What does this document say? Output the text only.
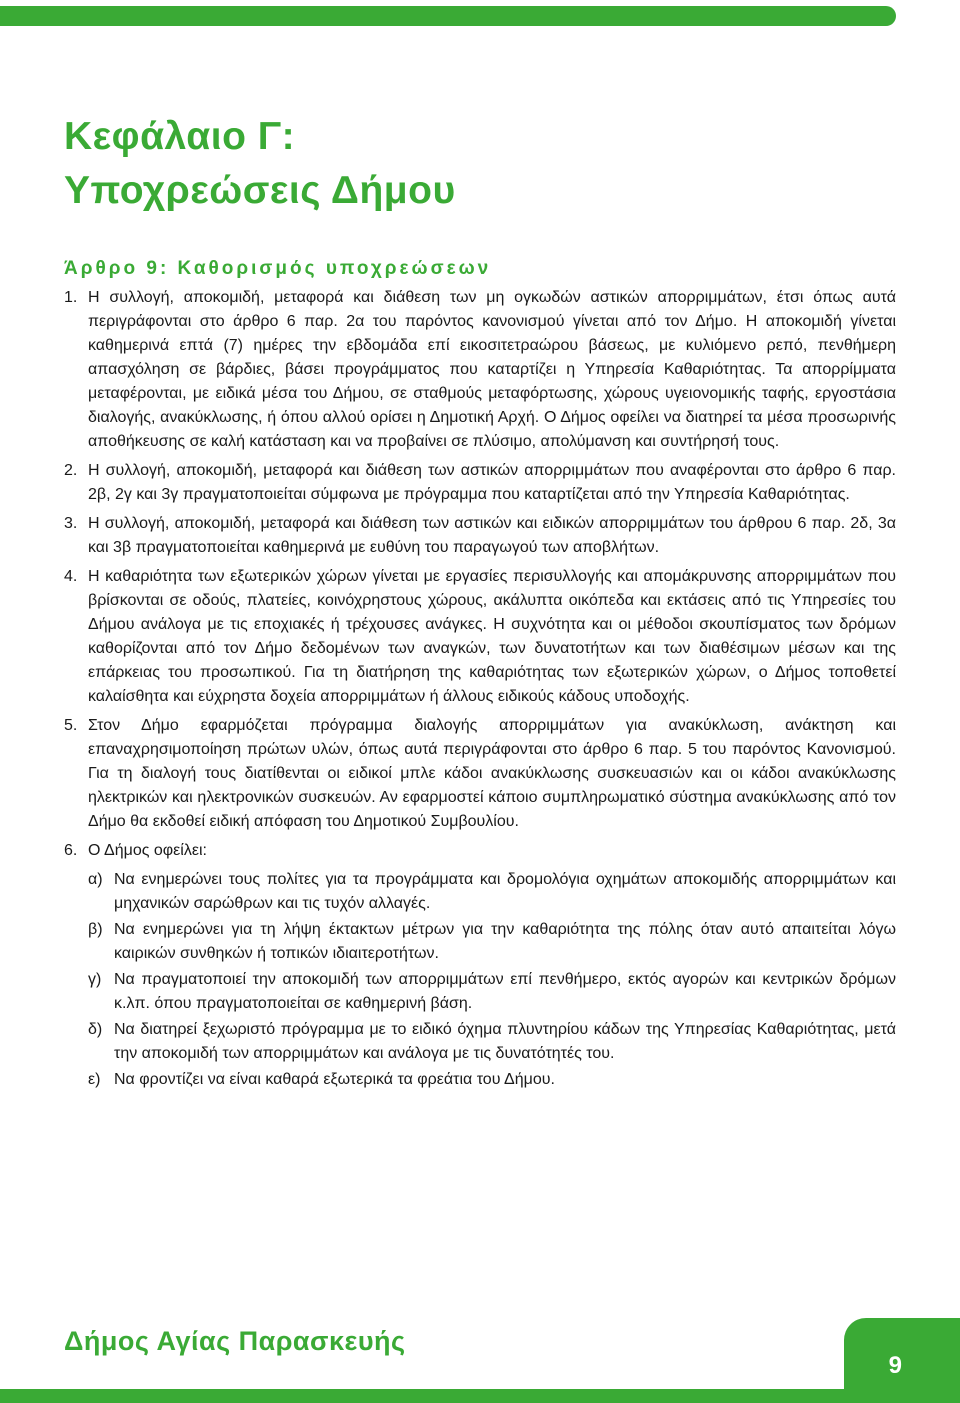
Κεφάλαιο Γ:
Υποχρεώσεις Δήμου
Άρθρο 9: Καθορισμός υποχρεώσεων
1. Η συλλογή, αποκομιδή, μεταφορά και διάθεση των μη ογκωδών αστικών απορριμμάτων, έτσι όπως αυτά περιγράφονται στο άρθρο 6 παρ. 2α του παρόντος κανονισμού γίνεται από τον Δήμο. Η αποκομιδή γίνεται καθημερινά επτά (7) ημέρες την εβδομάδα επί εικοσιτετραώρου βάσεως, με κυλιόμενο ρεπό, πενθήμερη απασχόληση σε βάρδιες, βάσει προγράμματος που καταρτίζει η Υπηρεσία Καθαριότητας. Τα απορρίμματα μεταφέρονται, με ειδικά μέσα του Δήμου, σε σταθμούς μεταφόρτωσης, χώρους υγειονομικής ταφής, εργοστάσια διαλογής, ανακύκλωσης, ή όπου αλλού ορίσει η Δημοτική Αρχή. Ο Δήμος οφείλει να διατηρεί τα μέσα προσωρινής αποθήκευσης σε καλή κατάσταση και να προβαίνει σε πλύσιμο, απολύμανση και συντήρησή τους.
2. Η συλλογή, αποκομιδή, μεταφορά και διάθεση των αστικών απορριμμάτων που αναφέρονται στο άρθρο 6 παρ. 2β, 2γ και 3γ πραγματοποιείται σύμφωνα με πρόγραμμα που καταρτίζεται από την Υπηρεσία Καθαριότητας.
3. Η συλλογή, αποκομιδή, μεταφορά και διάθεση των αστικών και ειδικών απορριμμάτων του άρθρου 6 παρ. 2δ, 3α και 3β πραγματοποιείται καθημερινά με ευθύνη του παραγωγού των αποβλήτων.
4. Η καθαριότητα των εξωτερικών χώρων γίνεται με εργασίες περισυλλογής και απομάκρυνσης απορριμμάτων που βρίσκονται σε οδούς, πλατείες, κοινόχρηστους χώρους, ακάλυπτα οικόπεδα και εκτάσεις από τις Υπηρεσίες του Δήμου ανάλογα με τις εποχιακές ή τρέχουσες ανάγκες. Η συχνότητα και οι μέθοδοι σκουπίσματος των δρόμων καθορίζονται από τον Δήμο δεδομένων των αναγκών, των δυνατοτήτων και των διαθέσιμων μέσων και της επάρκειας του προσωπικού. Για τη διατήρηση της καθαριότητας των εξωτερικών χώρων, ο Δήμος τοποθετεί καλαίσθητα και εύχρηστα δοχεία απορριμμάτων ή άλλους ειδικούς κάδους υποδοχής.
5. Στον Δήμο εφαρμόζεται πρόγραμμα διαλογής απορριμμάτων για ανακύκλωση, ανάκτηση και επαναχρησιμοποίηση πρώτων υλών, όπως αυτά περιγράφονται στο άρθρο 6 παρ. 5 του παρόντος Κανονισμού. Για τη διαλογή τους διατίθενται οι ειδικοί μπλε κάδοι ανακύκλωσης συσκευασιών και οι κάδοι ανακύκλωσης ηλεκτρικών και ηλεκτρονικών συσκευών. Αν εφαρμοστεί κάποιο συμπληρωματικό σύστημα ανακύκλωσης από τον Δήμο θα εκδοθεί ειδική απόφαση του Δημοτικού Συμβουλίου.
6. Ο Δήμος οφείλει:
α) Να ενημερώνει τους πολίτες για τα προγράμματα και δρομολόγια οχημάτων αποκομιδής απορριμμάτων και μηχανικών σαρώθρων και τις τυχόν αλλαγές.
β) Να ενημερώνει για τη λήψη έκτακτων μέτρων για την καθαριότητα της πόλης όταν αυτό απαιτείται λόγω καιρικών συνθηκών ή τοπικών ιδιαιτεροτήτων.
γ) Να πραγματοποιεί την αποκομιδή των απορριμμάτων επί πενθήμερο, εκτός αγορών και κεντρικών δρόμων κ.λπ. όπου πραγματοποιείται σε καθημερινή βάση.
δ) Να διατηρεί ξεχωριστό πρόγραμμα με το ειδικό όχημα πλυντηρίου κάδων της Υπηρεσίας Καθαριότητας, μετά την αποκομιδή των απορριμμάτων και ανάλογα με τις δυνατότητές του.
ε) Να φροντίζει να είναι καθαρά εξωτερικά τα φρεάτια του Δήμου.
Δήμος Αγίας Παρασκευής
9
